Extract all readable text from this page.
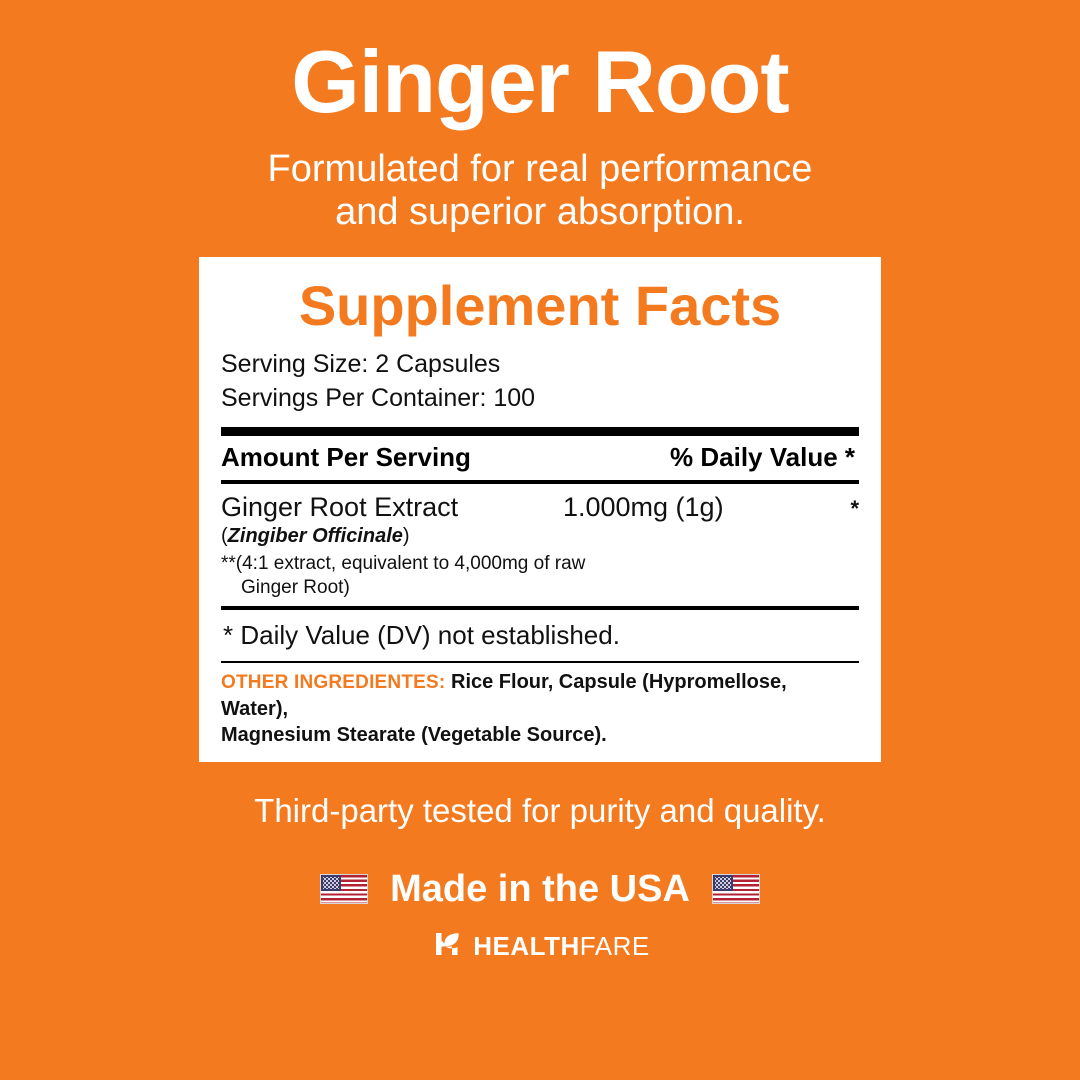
Ginger Root
Formulated for real performance
and superior absorption.
Supplement Facts
Serving Size: 2 Capsules
Servings Per Container: 100
Amount Per Serving	% Daily Value *
Ginger Root Extract	1.000mg (1g)	*
(Zingiber Officinale)
**(4:1 extract, equivalent to 4,000mg of raw
Ginger Root)
* Daily Value (DV) not established.
OTHER INGREDIENTES: Rice Flour, Capsule (Hypromellose, Water),
Magnesium Stearate (Vegetable Source).
Third-party tested for purity and quality.
Made in the USA
HEALTHFARE
